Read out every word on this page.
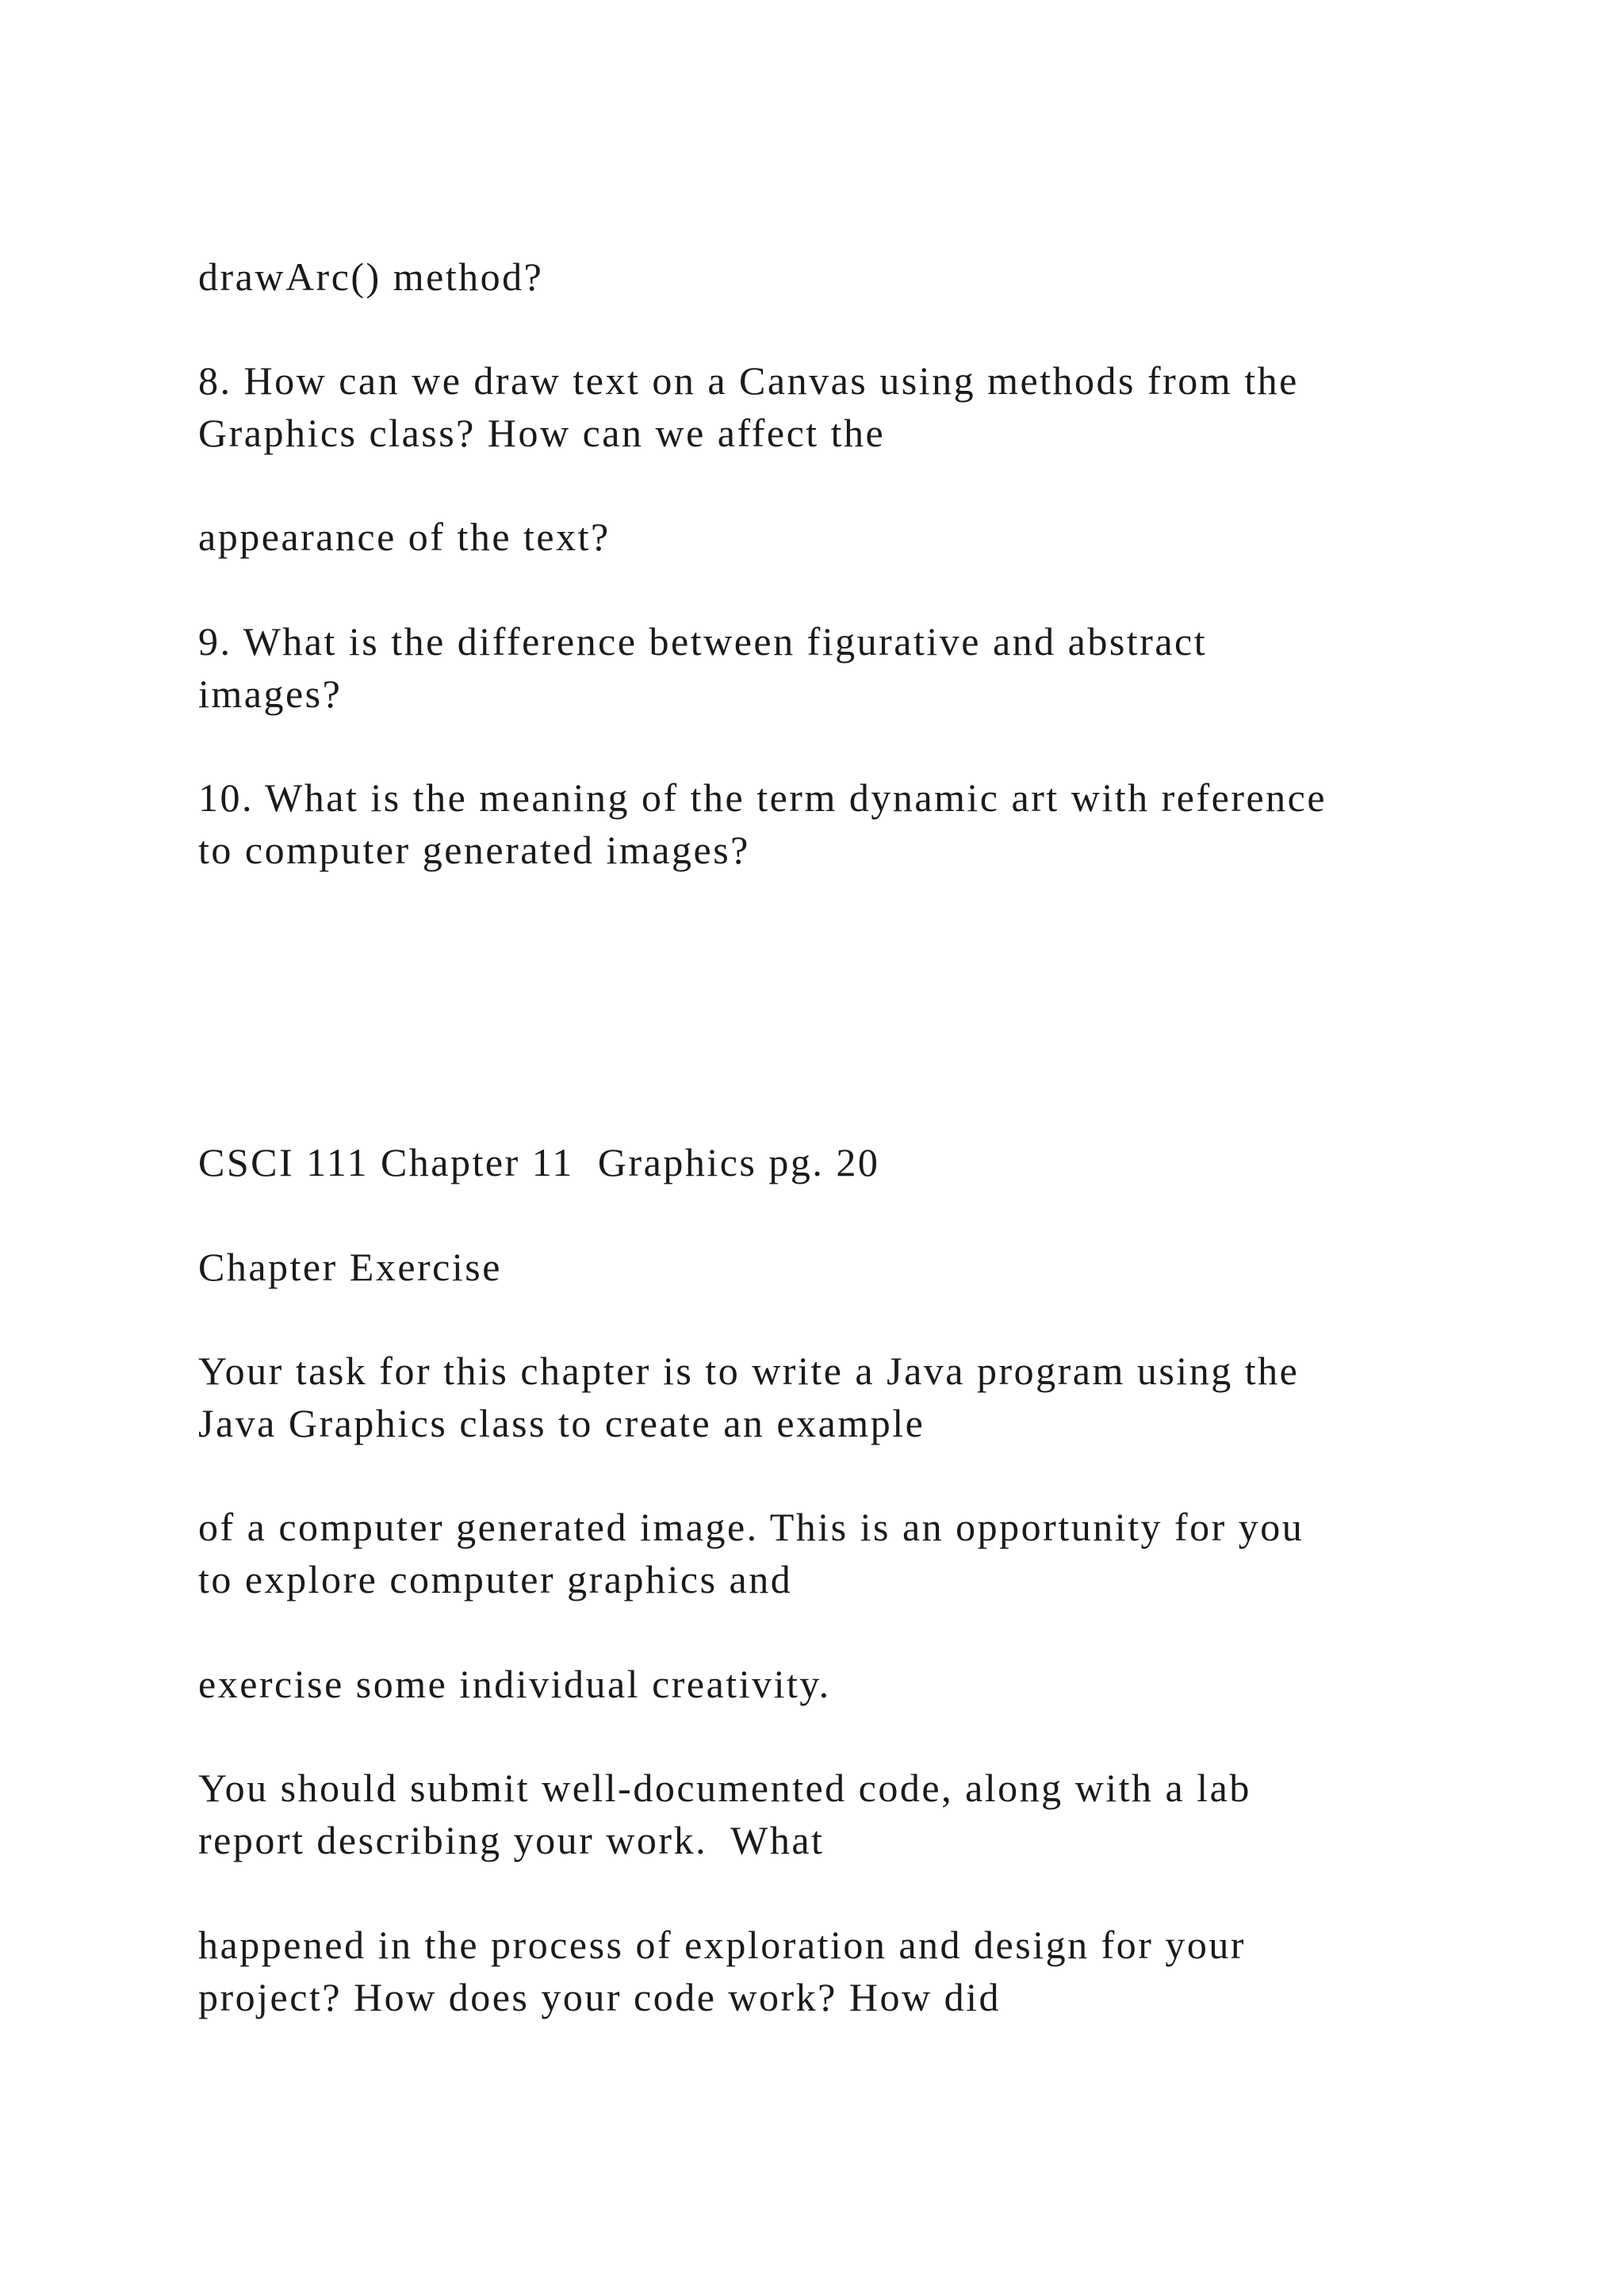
drawArc() method?

8. How can we draw text on a Canvas using methods from the

Graphics class? How can we affect the

appearance of the text?

9. What is the difference between figurative and abstract

images?

10. What is the meaning of the term dynamic art with reference

to computer generated images?

CSCI 111 Chapter 11  Graphics pg. 20

Chapter Exercise

Your task for this chapter is to write a Java program using the

Java Graphics class to create an example

of a computer generated image. This is an opportunity for you

to explore computer graphics and

exercise some individual creativity.

You should submit well-documented code, along with a lab

report describing your work.  What

happened in the process of exploration and design for your

project? How does your code work? How did
